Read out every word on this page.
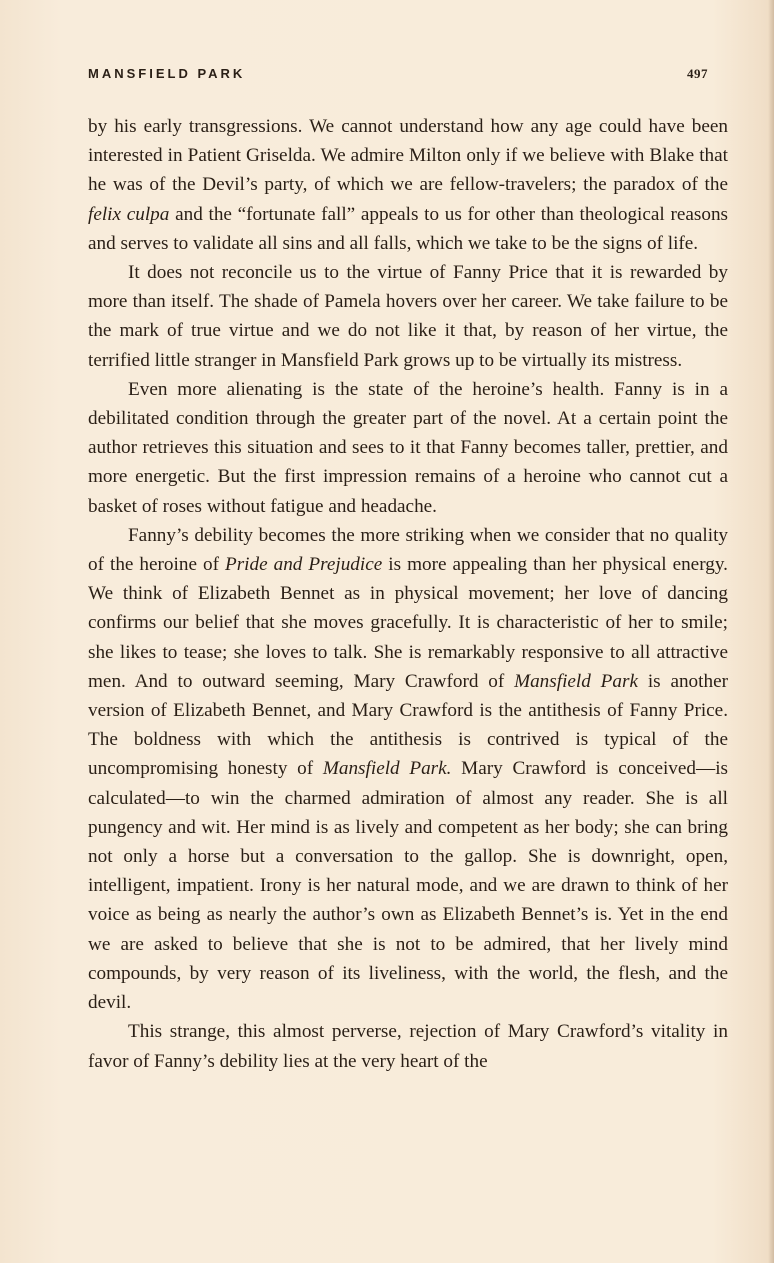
MANSFIELD PARK	497

by his early transgressions. We cannot understand how any age could have been interested in Patient Griselda. We admire Milton only if we believe with Blake that he was of the Devil’s party, of which we are fellow-travelers; the paradox of the felix culpa and the “fortunate fall” appeals to us for other than theological reasons and serves to validate all sins and all falls, which we take to be the signs of life.

It does not reconcile us to the virtue of Fanny Price that it is rewarded by more than itself. The shade of Pamela hovers over her career. We take failure to be the mark of true virtue and we do not like it that, by reason of her virtue, the terrified little stranger in Mansfield Park grows up to be virtually its mistress.

Even more alienating is the state of the heroine’s health. Fanny is in a debilitated condition through the greater part of the novel. At a certain point the author retrieves this situation and sees to it that Fanny becomes taller, prettier, and more energetic. But the first impression remains of a heroine who cannot cut a basket of roses without fatigue and headache.

Fanny’s debility becomes the more striking when we consider that no quality of the heroine of Pride and Prejudice is more appealing than her physical energy. We think of Elizabeth Bennet as in physical movement; her love of dancing confirms our belief that she moves gracefully. It is characteristic of her to smile; she likes to tease; she loves to talk. She is remarkably responsive to all attractive men. And to outward seeming, Mary Crawford of Mansfield Park is another version of Elizabeth Bennet, and Mary Crawford is the antithesis of Fanny Price. The boldness with which the antithesis is contrived is typical of the uncompromising honesty of Mansfield Park. Mary Crawford is conceived—is calculated—to win the charmed admiration of almost any reader. She is all pungency and wit. Her mind is as lively and competent as her body; she can bring not only a horse but a conversation to the gallop. She is downright, open, intelligent, impatient. Irony is her natural mode, and we are drawn to think of her voice as being as nearly the author’s own as Elizabeth Bennet’s is. Yet in the end we are asked to believe that she is not to be admired, that her lively mind compounds, by very reason of its liveliness, with the world, the flesh, and the devil.

This strange, this almost perverse, rejection of Mary Crawford’s vitality in favor of Fanny’s debility lies at the very heart of the
